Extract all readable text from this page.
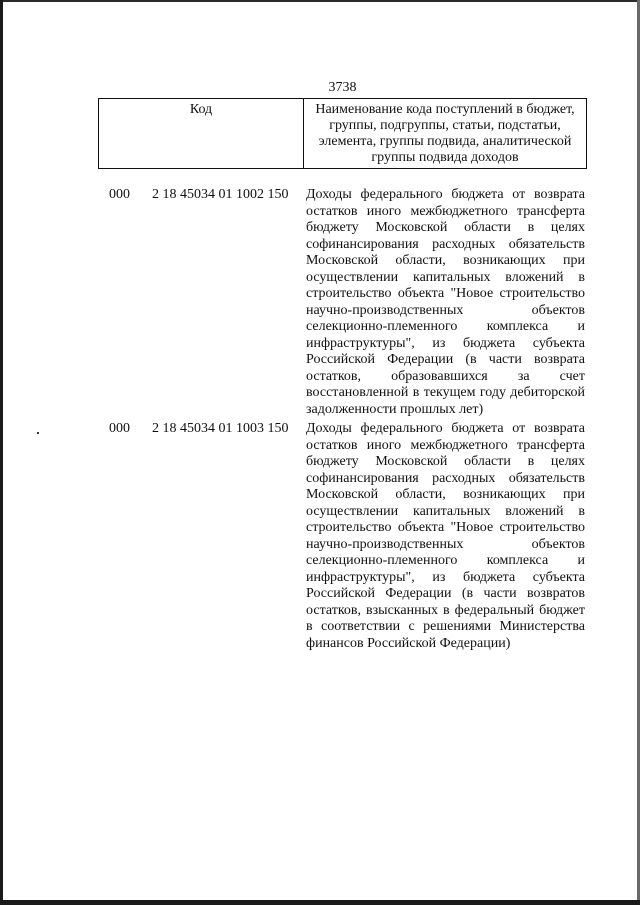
3738
Код	Наименование кода поступлений в бюджет, группы, подгруппы, статьи, подстатьи, элемента, группы подвида, аналитической группы подвида доходов
000 2 18 45034 01 1002 150 Доходы федерального бюджета от возврата остатков иного межбюджетного трансферта бюджету Московской области в целях софинансирования расходных обязательств Московской области, возникающих при осуществлении капитальных вложений в строительство объекта "Новое строительство научно-производственных объектов селекционно-племенного комплекса и инфраструктуры", из бюджета субъекта Российской Федерации (в части возврата остатков, образовавшихся за счет восстановленной в текущем году дебиторской задолженности прошлых лет)
000 2 18 45034 01 1003 150 Доходы федерального бюджета от возврата остатков иного межбюджетного трансферта бюджету Московской области в целях софинансирования расходных обязательств Московской области, возникающих при осуществлении капитальных вложений в строительство объекта "Новое строительство научно-производственных объектов селекционно-племенного комплекса и инфраструктуры", из бюджета субъекта Российской Федерации (в части возвратов остатков, взысканных в федеральный бюджет в соответствии с решениями Министерства финансов Российской Федерации)
